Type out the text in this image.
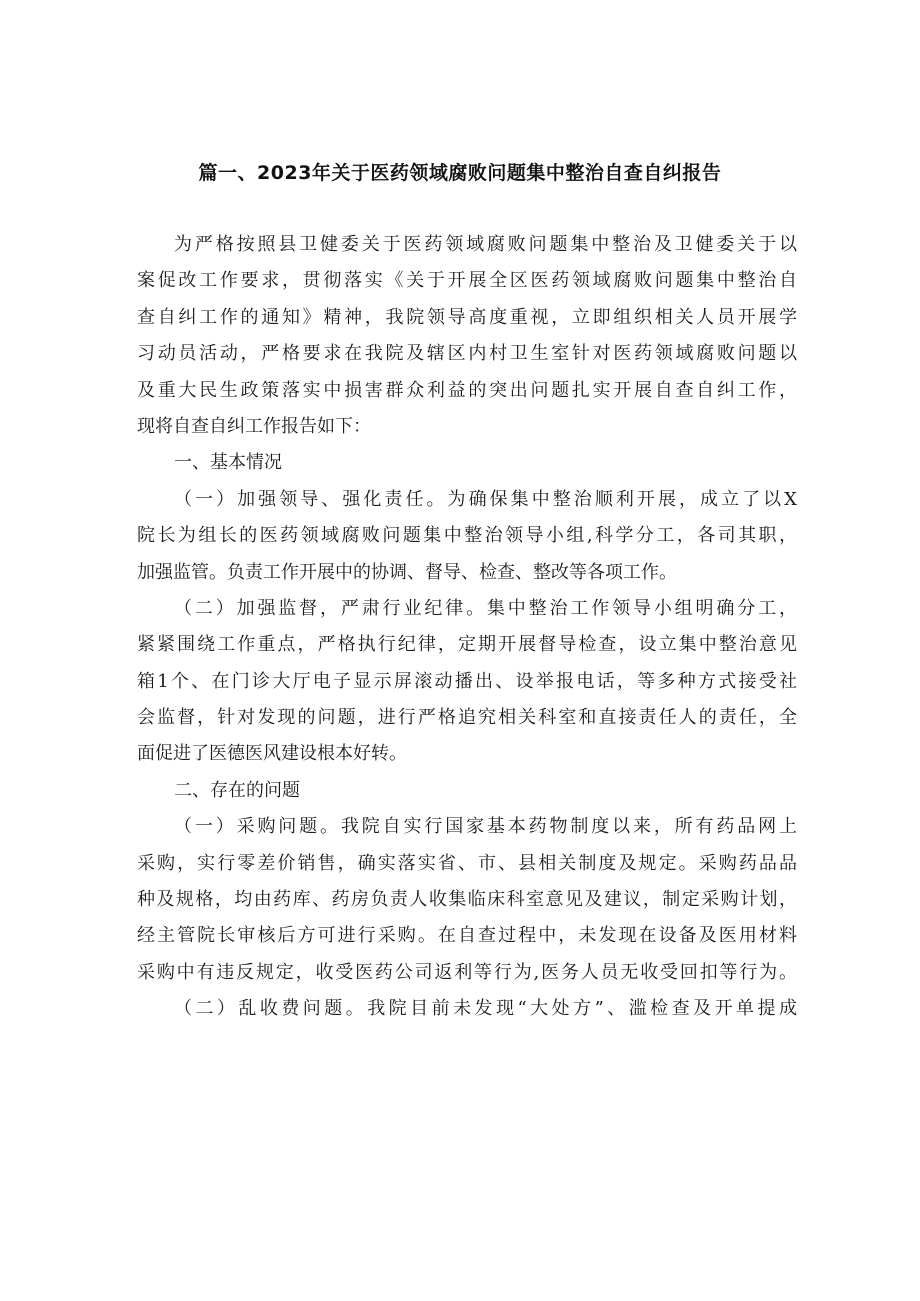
篇一、2023年关于医药领域腐败问题集中整治自查自纠报告
为严格按照县卫健委关于医药领域腐败问题集中整治及卫健委关于以
案促改工作要求，贯彻落实《关于开展全区医药领域腐败问题集中整治自
查自纠工作的通知》精神，我院领导高度重视，立即组织相关人员开展学
习动员活动，严格要求在我院及辖区内村卫生室针对医药领域腐败问题以
及重大民生政策落实中损害群众利益的突出问题扎实开展自查自纠工作，
现将自查自纠工作报告如下：
一、基本情况
（一）加强领导、强化责任。为确保集中整治顺利开展，成立了以X
院长为组长的医药领域腐败问题集中整治领导小组,科学分工，各司其职，
加强监管。负责工作开展中的协调、督导、检查、整改等各项工作。
（二）加强监督，严肃行业纪律。集中整治工作领导小组明确分工，
紧紧围绕工作重点，严格执行纪律，定期开展督导检查，设立集中整治意见
箱1个、在门诊大厅电子显示屏滚动播出、设举报电话，等多种方式接受社
会监督，针对发现的问题，进行严格追究相关科室和直接责任人的责任，全
面促进了医德医风建设根本好转。
二、存在的问题
（一）采购问题。我院自实行国家基本药物制度以来，所有药品网上
采购，实行零差价销售，确实落实省、市、县相关制度及规定。采购药品品
种及规格，均由药库、药房负责人收集临床科室意见及建议，制定采购计划，
经主管院长审核后方可进行采购。在自查过程中，未发现在设备及医用材料
采购中有违反规定，收受医药公司返利等行为,医务人员无收受回扣等行为。
（二）乱收费问题。我院目前未发现“大处方”、滥检查及开单提成
